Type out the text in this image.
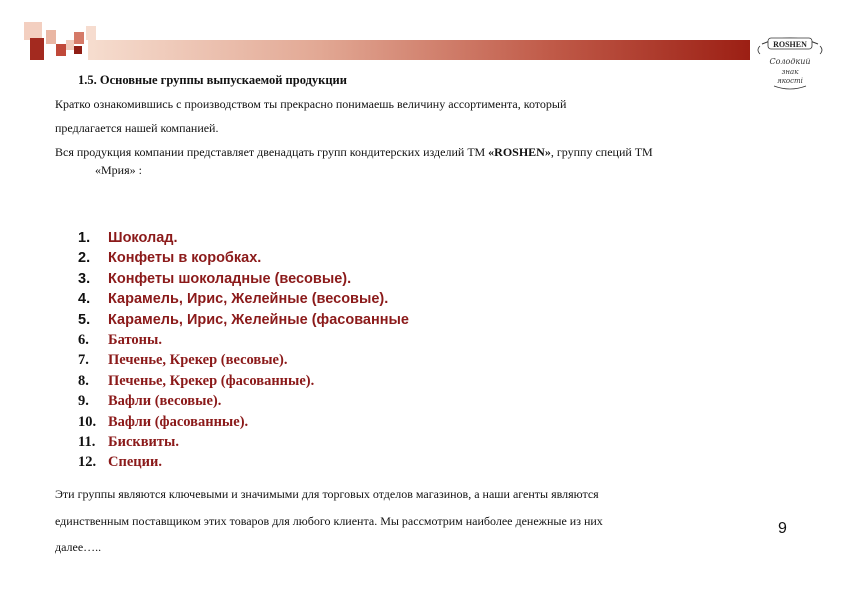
ROSHEN
Солодкий
знак
якості
1.5. Основные группы выпускаемой продукции
Кратко ознакомившись с производством ты прекрасно понимаешь величину ассортимента, который
предлагается нашей компанией.
Вся продукция компании представляет двенадцать групп кондитерских изделий ТМ «ROSHEN», группу специй ТМ
«Мрия» :
1. Шоколад.
2. Конфеты в коробках.
3. Конфеты шоколадные (весовые).
4. Карамель, Ирис, Желейные (весовые).
5. Карамель, Ирис, Желейные (фасованные
6. Батоны.
7. Печенье, Крекер (весовые).
8. Печенье, Крекер (фасованные).
9. Вафли (весовые).
10. Вафли (фасованные).
11. Бисквиты.
12. Специи.
Эти группы являются ключевыми и значимыми для торговых отделов магазинов, а наши агенты являются
единственным поставщиком этих товаров для любого клиента. Мы рассмотрим наиболее денежные из них
далее…..
9
